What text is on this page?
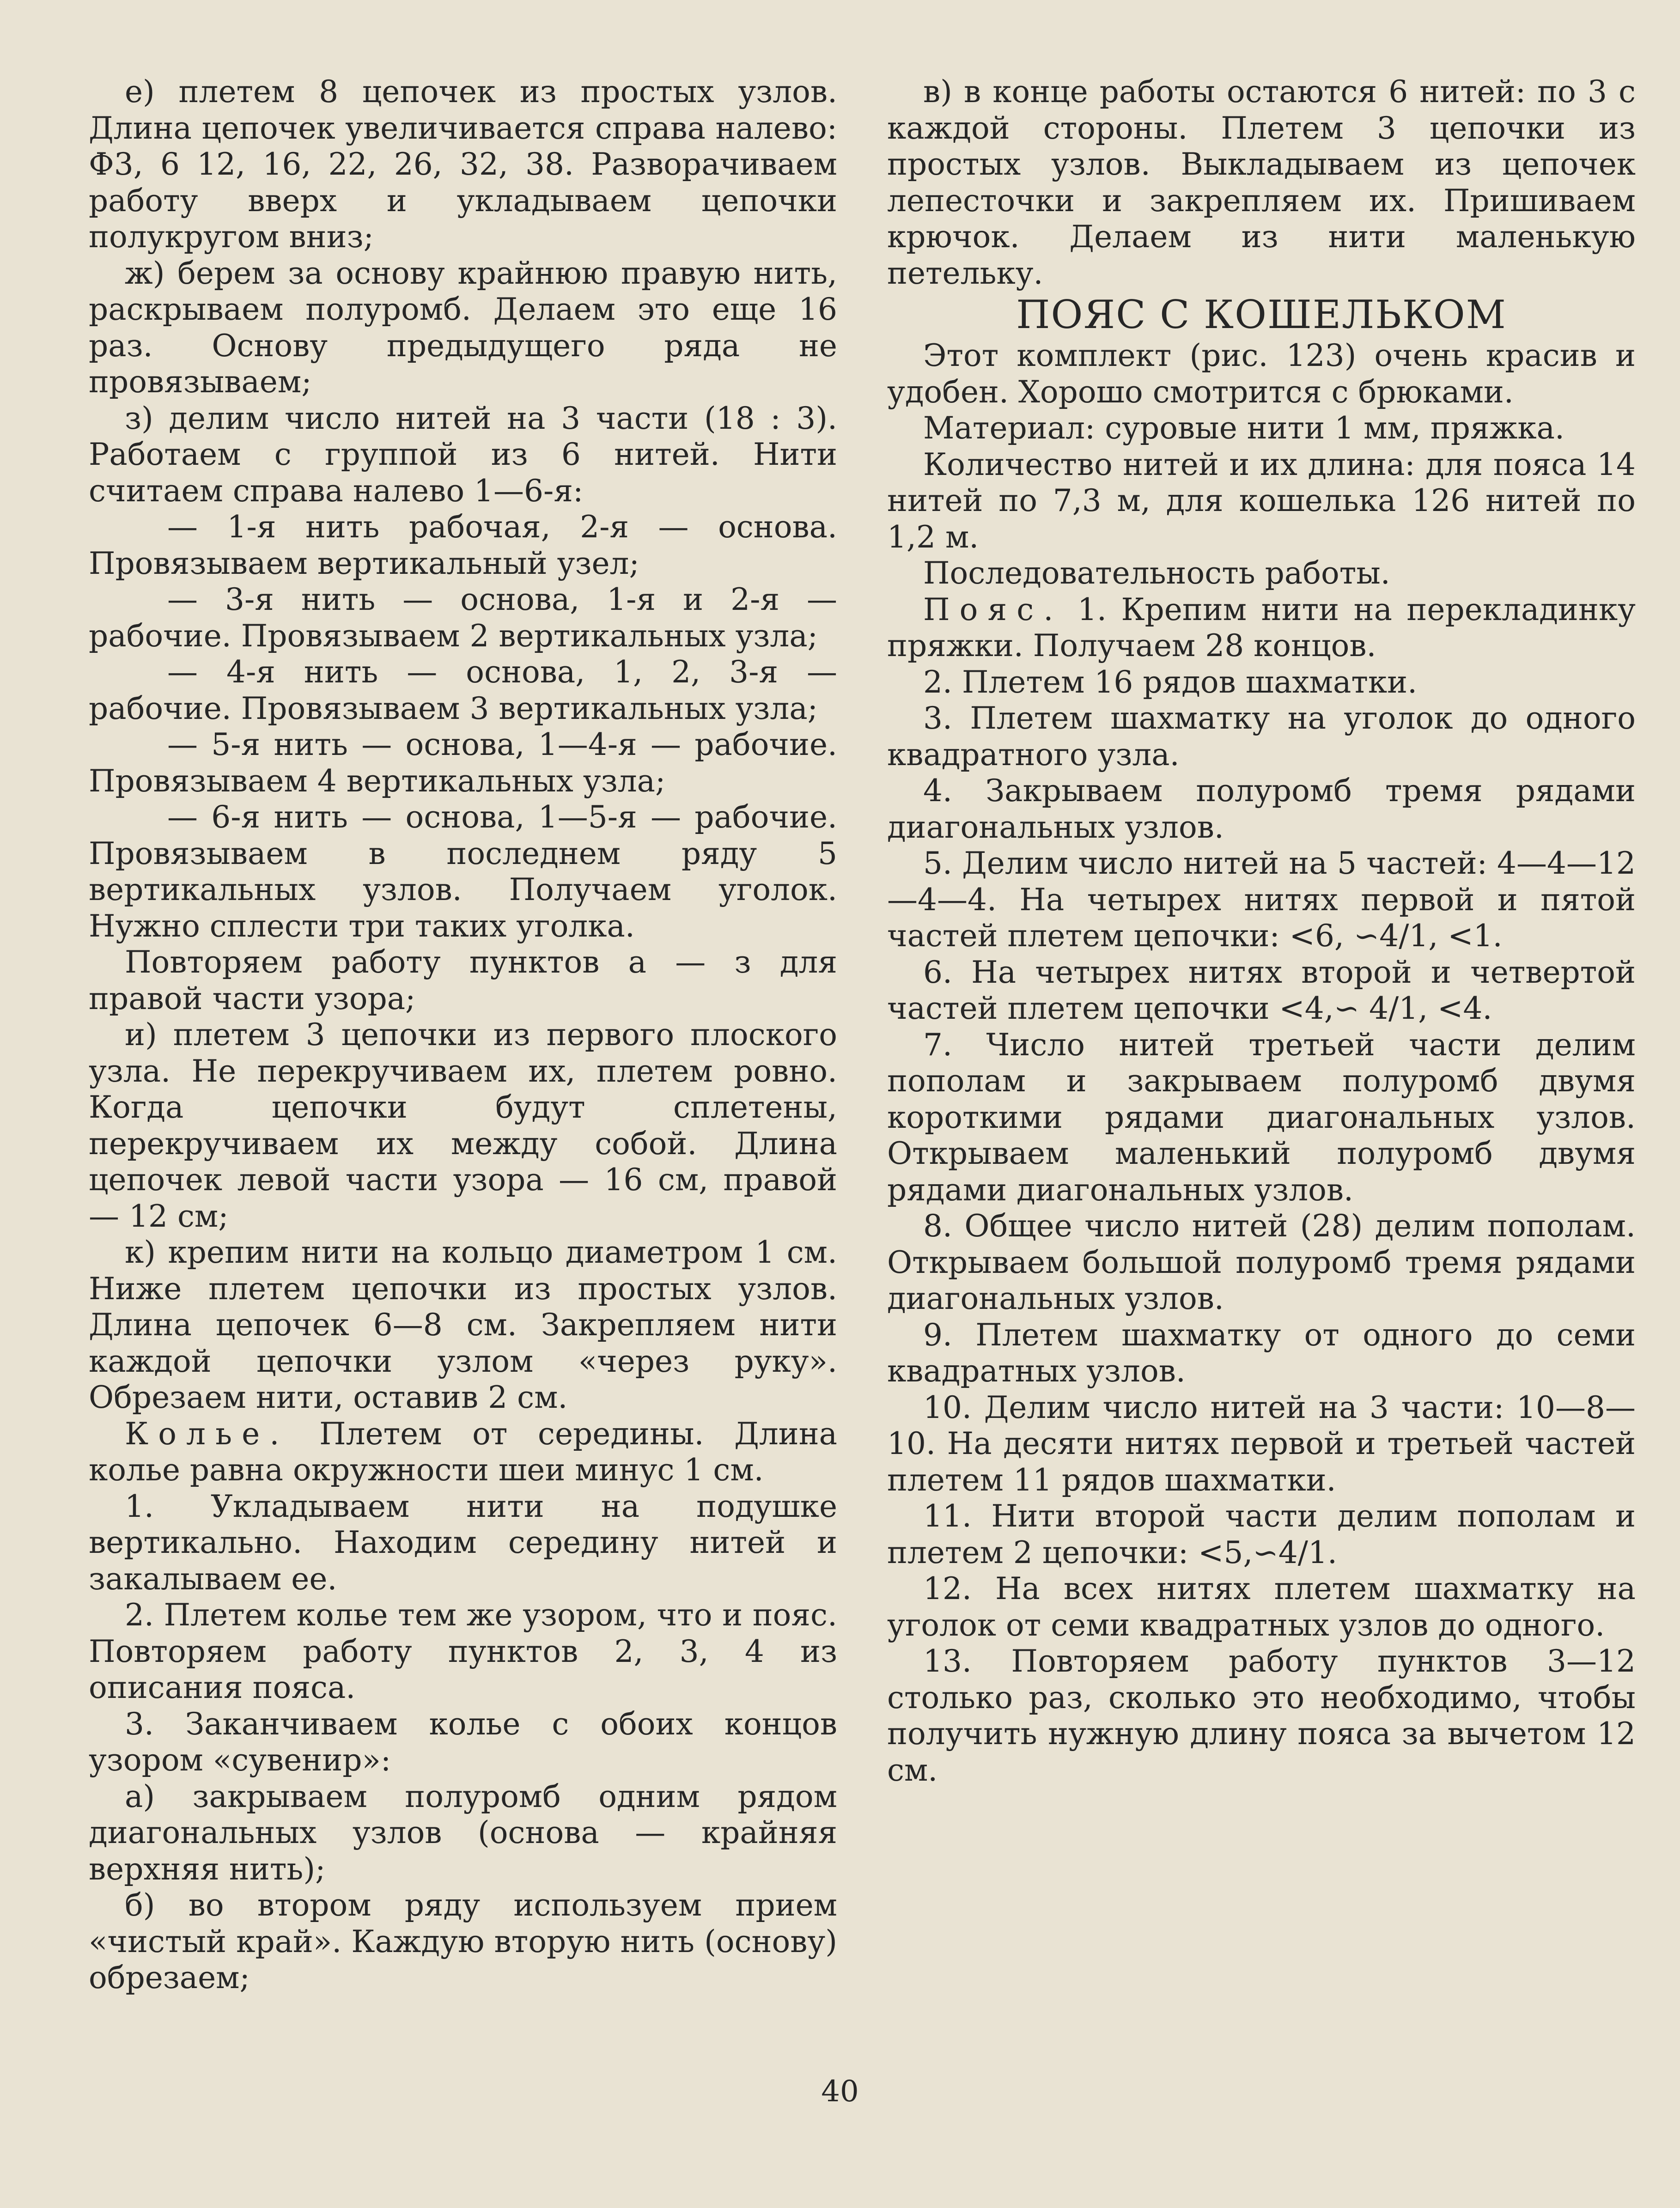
е) плетем 8 цепочек из простых узлов. Длина цепочек увеличивается справа налево: Ф3, 6 12, 16, 22, 26, 32, 38. Разворачиваем работу вверх и укладываем цепочки полукругом вниз;

ж) берем за основу крайнюю правую нить, раскрываем полуромб. Делаем это еще 16 раз. Основу предыдущего ряда не провязываем;

з) делим число нитей на 3 части (18 : 3). Работаем с группой из 6 нитей. Нити считаем справа налево 1—6-я:

— 1-я нить рабочая, 2-я — основа. Провязываем вертикальный узел;

— 3-я нить — основа, 1-я и 2-я — рабочие. Провязываем 2 вертикальных узла;

— 4-я нить — основа, 1, 2, 3-я — рабочие. Провязываем 3 вертикальных узла;

— 5-я нить — основа, 1—4-я — рабочие. Провязываем 4 вертикальных узла;

— 6-я нить — основа, 1—5-я — рабочие. Провязываем в последнем ряду 5 вертикальных узлов. Получаем уголок. Нужно сплести три таких уголка.

Повторяем работу пунктов а — з для правой части узора;

и) плетем 3 цепочки из первого плоского узла. Не перекручиваем их, плетем ровно. Когда цепочки будут сплетены, перекручиваем их между собой. Длина цепочек левой части узора — 16 см, правой — 12 см;

к) крепим нити на кольцо диаметром 1 см. Ниже плетем цепочки из простых узлов. Длина цепочек 6—8 см. Закрепляем нити каждой цепочки узлом «через руку». Обрезаем нити, оставив 2 см.

Колье. Плетем от середины. Длина колье равна окружности шеи минус 1 см.

1. Укладываем нити на подушке вертикально. Находим середину нитей и закалываем ее.

2. Плетем колье тем же узором, что и пояс. Повторяем работу пунктов 2, 3, 4 из описания пояса.

3. Заканчиваем колье с обоих концов узором «сувенир»:

а) закрываем полуромб одним рядом диагональных узлов (основа — крайняя верхняя нить);

б) во втором ряду используем прием «чистый край». Каждую вторую нить (основу) обрезаем;

в) в конце работы остаются 6 нитей: по 3 с каждой стороны. Плетем 3 цепочки из простых узлов. Выкладываем из цепочек лепесточки и закрепляем их. Пришиваем крючок. Делаем из нити маленькую петельку.

ПОЯС С КОШЕЛЬКОМ

Этот комплект (рис. 123) очень красив и удобен. Хорошо смотрится с брюками.

Материал: суровые нити 1 мм, пряжка.

Количество нитей и их длина: для пояса 14 нитей по 7,3 м, для кошелька 126 нитей по 1,2 м.

Последовательность работы.

Пояс. 1. Крепим нити на перекладинку пряжки. Получаем 28 концов.

2. Плетем 16 рядов шахматки.

3. Плетем шахматку на уголок до одного квадратного узла.

4. Закрываем полуромб тремя рядами диагональных узлов.

5. Делим число нитей на 5 частей: 4—4—12—4—4. На четырех нитях первой и пятой частей плетем цепочки: <6, ∽4/1, <1.

6. На четырех нитях второй и четвертой частей плетем цепочки <4,∽ 4/1, <4.

7. Число нитей третьей части делим пополам и закрываем полуромб двумя короткими рядами диагональных узлов. Открываем маленький полуромб двумя рядами диагональных узлов.

8. Общее число нитей (28) делим пополам. Открываем большой полуромб тремя рядами диагональных узлов.

9. Плетем шахматку от одного до семи квадратных узлов.

10. Делим число нитей на 3 части: 10—8—10. На десяти нитях первой и третьей частей плетем 11 рядов шахматки.

11. Нити второй части делим пополам и плетем 2 цепочки: <5,∽4/1.

12. На всех нитях плетем шахматку на уголок от семи квадратных узлов до одного.

13. Повторяем работу пунктов 3—12 столько раз, сколько это необходимо, чтобы получить нужную длину пояса за вычетом 12 см.

40
